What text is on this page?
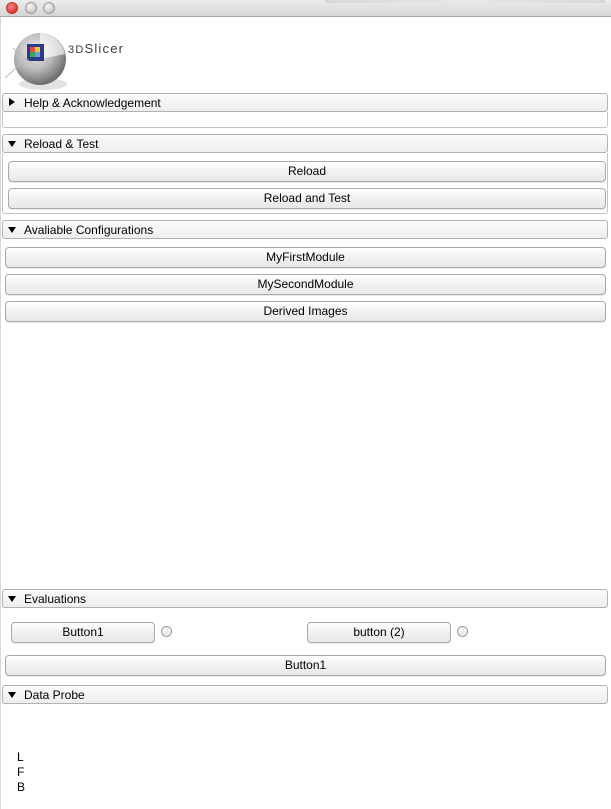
3DSlicer
Help & Acknowledgement
Reload & Test
Reload
Reload and Test
Avaliable Configurations
MyFirstModule
MySecondModule
Derived Images
Evaluations
Button1	button (2)
Button1
Data Probe
L
F
B
